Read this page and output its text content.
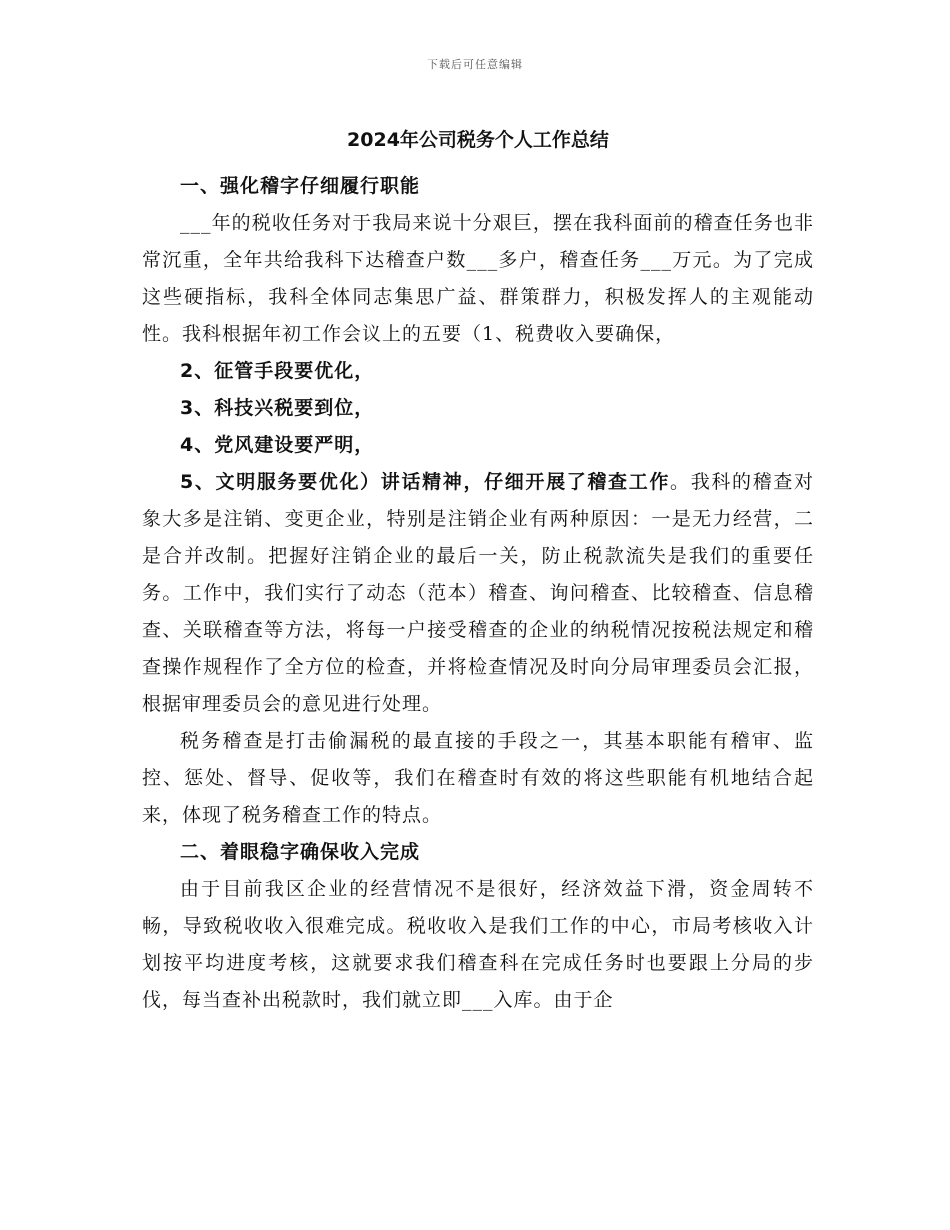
下载后可任意编辑
2024年公司税务个人工作总结

一、强化稽字仔细履行职能

___年的税收任务对于我局来说十分艰巨，摆在我科面前的稽查任务也非常沉重，全年共给我科下达稽查户数___多户，稽查任务___万元。为了完成这些硬指标，我科全体同志集思广益、群策群力，积极发挥人的主观能动性。我科根据年初工作会议上的五要（1、税费收入要确保，

2、征管手段要优化，

3、科技兴税要到位，

4、党风建设要严明，

5、文明服务要优化）讲话精神，仔细开展了稽查工作。我科的稽查对象大多是注销、变更企业，特别是注销企业有两种原因：一是无力经营，二是合并改制。把握好注销企业的最后一关，防止税款流失是我们的重要任务。工作中，我们实行了动态（范本）稽查、询问稽查、比较稽查、信息稽查、关联稽查等方法，将每一户接受稽查的企业的纳税情况按税法规定和稽查操作规程作了全方位的检查，并将检查情况及时向分局审理委员会汇报，根据审理委员会的意见进行处理。

税务稽查是打击偷漏税的最直接的手段之一，其基本职能有稽审、监控、惩处、督导、促收等，我们在稽查时有效的将这些职能有机地结合起来，体现了税务稽查工作的特点。

二、着眼稳字确保收入完成

由于目前我区企业的经营情况不是很好，经济效益下滑，资金周转不畅，导致税收收入很难完成。税收收入是我们工作的中心，市局考核收入计划按平均进度考核，这就要求我们稽查科在完成任务时也要跟上分局的步伐，每当查补出税款时，我们就立即___入库。由于企
